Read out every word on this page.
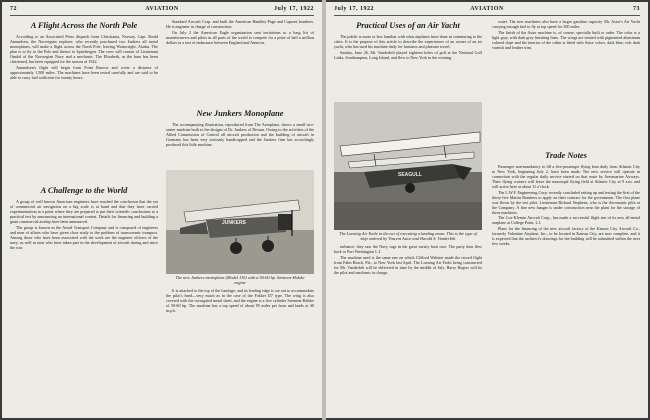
72	AVIATION	July 17, 1922
A Flight Across the North Pole

According to an Associated Press dispatch from Christiania, Norway, Capt. Roald Amundsen, the Norwegian explorer, who recently purchased two Junkers all metal monoplanes, will make a flight across the North Pole, leaving Wainwright, Alaska. The plan is to fly to the Pole and thence to Spitzbergen. The crew will consist of Lieutenant Omdal of the Norwegian Navy and a mechanic. The Elisabeth, as the base has been christened, has been equipped for the season of 1922.

Amundsen's flight will begin from Point Barrow and cover a distance of approximately 1,500 miles. The machines have been tested carefully and are said to be able to carry fuel sufficient for twenty hours.

A Challenge to the World

A group of well known American engineers have reached the conclusion that the era of commercial air navigation on a big scale is at hand and that they have carried experimentation to a point where they are prepared to put their scientific conclusions to a practical test by announcing an international contest. Details for financing and building a giant commercial airship have been announced.

The group is known as the Aerial Transport Company and is composed of engineers and men of affairs who have given close study to the problem of transoceanic transport. Among those who have been associated with the work are the engineer officers of the navy, as well as men who have taken part in the development of aircraft during and since the war.

Standard Aircraft Corp. and built the American Handley-Page and Caproni bombers. He is engineer in charge of construction.

On July 2 the American Eagle organization sent invitations to a long list of manufacturers and pilots in all parts of the world to compete for a prize of half a million dollars in a test of endurance between England and America.

New Junkers Monoplane

The accompanying illustration, reproduced from The Aeroplane, shows a small two-seater machine built to the designs of Dr. Junkers of Dessau. Owing to the activities of the Allied Commission of Control all aircraft production and the building of aircraft in Germany has been very seriously handicapped and the Junkers firm has accordingly produced this little machine.

JUNKERS
The new Junkers monoplane (Model J10) with a 50-60 hp. Siemens-Halske engine

It is attached to the top of the fuselage, and its leading edge is cut out to accommodate the pilot's head—very much as in the case of the Fokker D7 type. The wing is also covered with the corrugated metal sheet, and the engine is a five cylinder Siemens-Halske of 50-60 hp. The machine has a top speed of about 95 miles per hour and lands at 40 m.p.h.

July 17, 1922	AVIATION	73
Practical Uses of an Air Yacht

The public is more or less familiar with what airplanes have done in commuting to the cities. It is the purpose of this article to describe the experiences of an owner of an air yacht, who has used his machine daily for business and pleasure travel.

Sunday, June 26, Mr. Vanderbilt played eighteen holes of golf at the National Golf Links, Southampton, Long Island, and flew to New York in the evening.

SEAGULL
The Loening Air Yacht in the act of executing a landing zoom. This is the type of ship ordered by Vincent Astor and Harold S. Vanderbilt

turbance, they saw the Navy tugs in the great varsity boat race. The party then flew back to Port Washington L.I.

The machine used is the same one on which Clifford Webster made the record flight from Palm Beach, Fla., to New York last April. The Loening Air Yacht being constructed for Mr. Vanderbilt will be delivered in time by the middle of July. Harry Rogers will be the pilot and mechanic in charge.

water. The new machines also have a larger gasoline capacity. Mr. Astor's Air Yacht carrying enough fuel to fly at top speed for 300 miles.

The finish of the Astor machine is, of course, specially built to order. The color is a light gray, with dark grey finishing lines. The wings are treated with pigmented aluminum colored dope and the interior of the cabin is fitted with Astor colors, dark blue, rich dark varnish and leather trim.

Trade Notes

Passenger non-mandatory to fill a five-passenger flying boat daily from Atlantic City to New York, beginning July 2, have been made. The new service will operate in connection with the regular daily service started on that route by Aeromarine Airways. Their flying cruisers will leave the municipal flying field at Atlantic City at 9 a.m. and will arrive here at about 11 o'clock.

The L.W.F. Engineering Corp. recently concluded setting up and testing the first of the thirty-five Martin Bombers to apply on their contract for the government. The first plane was flown by the test pilot, Lieutenant Richard Stephens, who is the Aeronautic pilot at the Company. A fine new hangar is under construction near the plant for the storage of these machines.

The Cox-Klemin Aircraft Corp., has made a successful flight test of its new all-metal seaplane at College Point, L.I.

Plans for the financing of the new aircraft factory of the Kansas City Aircraft Co., formerly Valentine Airplane, Inc., to be located in Kansas City, are now complete, and it is expected that the architect's drawings for the building will be submitted within the next few weeks.
